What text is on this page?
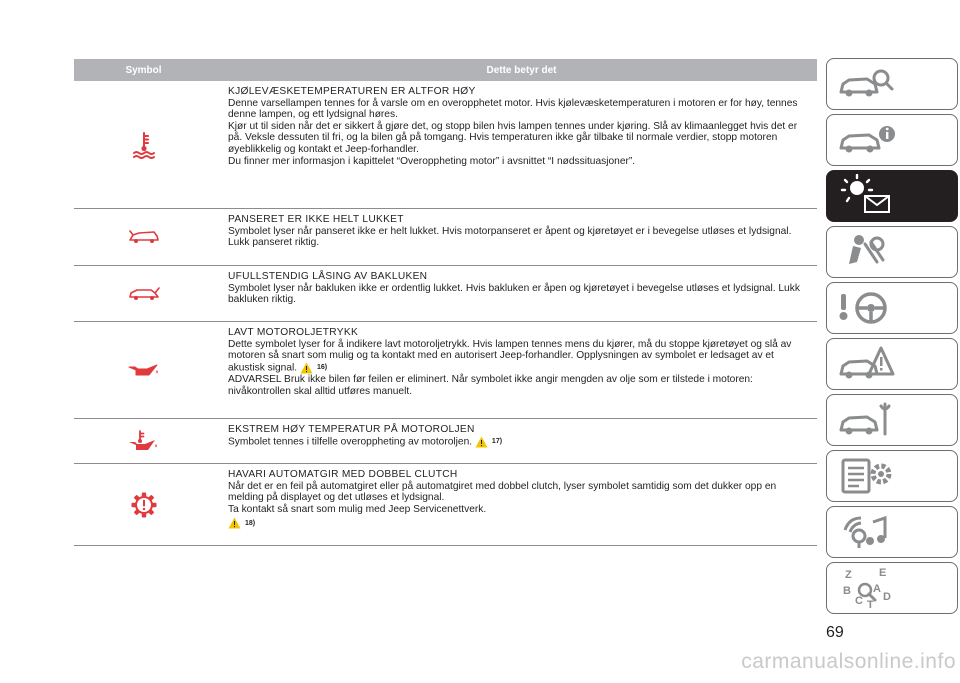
Symbol	Dette betyr det
KJØLEVÆSKETEMPERATUREN ER ALTFOR HØY
Denne varsellampen tennes for å varsle om en overopphetet motor. Hvis kjølevæsketemperaturen i motoren er for høy, tennes denne lampen, og ett lydsignal høres.
Kjør ut til siden når det er sikkert å gjøre det, og stopp bilen hvis lampen tennes under kjøring. Slå av klimaanlegget hvis det er på. Veksle dessuten til fri, og la bilen gå på tomgang. Hvis temperaturen ikke går tilbake til normale verdier, stopp motoren øyeblikkelig og kontakt et Jeep-forhandler.
Du finner mer informasjon i kapittelet “Overoppheting motor” i avsnittet “I nødssituasjoner”.
PANSERET ER IKKE HELT LUKKET
Symbolet lyser når panseret ikke er helt lukket. Hvis motorpanseret er åpent og kjøretøyet er i bevegelse utløses et lydsignal. Lukk panseret riktig.
UFULLSTENDIG LÅSING AV BAKLUKEN
Symbolet lyser når bakluken ikke er ordentlig lukket. Hvis bakluken er åpen og kjøretøyet i bevegelse utløses et lydsignal. Lukk bakluken riktig.
LAVT MOTOROLJETRYKK
Dette symbolet lyser for å indikere lavt motoroljetrykk. Hvis lampen tennes mens du kjører, må du stoppe kjøretøyet og slå av motoren så snart som mulig og ta kontakt med en autorisert Jeep-forhandler. Opplysningen av symbolet er ledsaget av et akustisk signal.	16)
ADVARSEL Bruk ikke bilen før feilen er eliminert. Når symbolet ikke angir mengden av olje som er tilstede i motoren: nivåkontrollen skal alltid utføres manuelt.
EKSTREM HØY TEMPERATUR PÅ MOTOROLJEN
Symbolet tennes i tilfelle overoppheting av motoroljen.	17)
HAVARI AUTOMATGIR MED DOBBEL CLUTCH
Når det er en feil på automatgiret eller på automatgiret med dobbel clutch, lyser symbolet samtidig som det dukker opp en melding på displayet og det utløses et lydsignal.
Ta kontakt så snart som mulig med Jeep Servicenettverk.
18)
Z E
B A
C T
D
69
carmanualsonline.info
